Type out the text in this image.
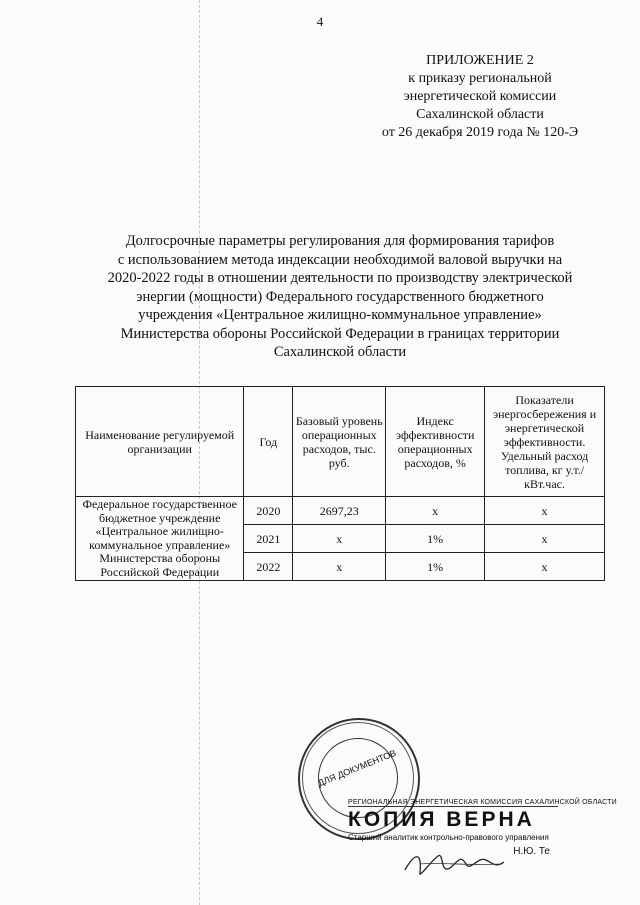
4
ПРИЛОЖЕНИЕ 2
к приказу региональной
энергетической комиссии
Сахалинской области
от 26 декабря 2019 года № 120-Э
Долгосрочные параметры регулирования для формирования тарифов
с использованием метода индексации необходимой валовой выручки на
2020-2022 годы в отношении деятельности по производству электрической
энергии (мощности) Федерального государственного бюджетного
учреждения «Центральное жилищно-коммунальное управление»
Министерства обороны Российской Федерации в границах территории
Сахалинской области
Наименование регулируемой организации	Год	Базовый уровень операционных расходов, тыс. руб.	Индекс эффективности операционных расходов, %	Показатели энергосбережения и энергетической эффективности. Удельный расход топлива, кг у.т./кВт.час.
Федеральное государственное бюджетное учреждение «Центральное жилищно-коммунальное управление» Министерства обороны Российской Федерации	2020	2697,23	x	x
	2021	x	1%	x
	2022	x	1%	x
ДЛЯ ДОКУМЕНТОВ
РЕГИОНАЛЬНАЯ ЭНЕРГЕТИЧЕСКАЯ КОМИССИЯ САХАЛИНСКОЙ ОБЛАСТИ
КОПИЯ ВЕРНА
Старший аналитик контрольно-правового управления
Н.Ю. Те
